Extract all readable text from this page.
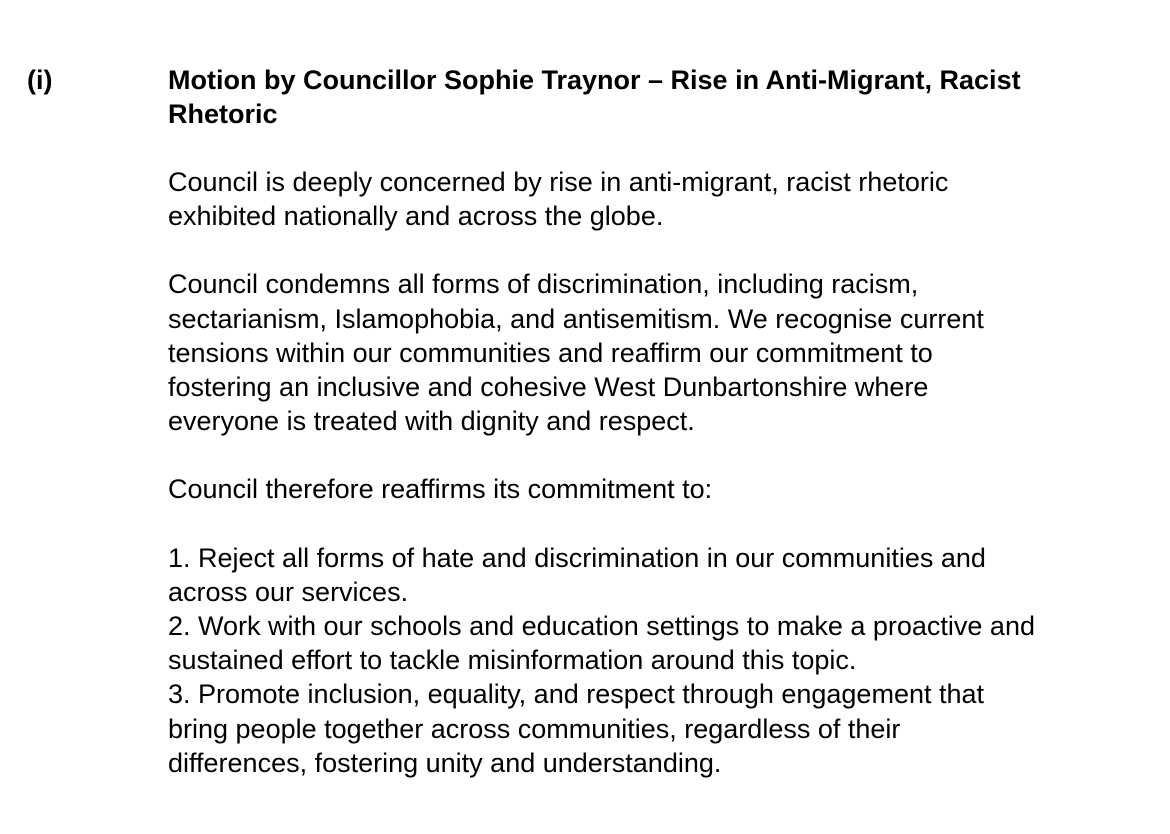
(i)	Motion by Councillor Sophie Traynor – Rise in Anti-Migrant, Racist
Rhetoric

Council is deeply concerned by rise in anti-migrant, racist rhetoric
exhibited nationally and across the globe.

Council condemns all forms of discrimination, including racism,
sectarianism, Islamophobia, and antisemitism. We recognise current
tensions within our communities and reaffirm our commitment to
fostering an inclusive and cohesive West Dunbartonshire where
everyone is treated with dignity and respect.

Council therefore reaffirms its commitment to:

1. Reject all forms of hate and discrimination in our communities and
across our services.
2. Work with our schools and education settings to make a proactive and
sustained effort to tackle misinformation around this topic.
3. Promote inclusion, equality, and respect through engagement that
bring people together across communities, regardless of their
differences, fostering unity and understanding.
